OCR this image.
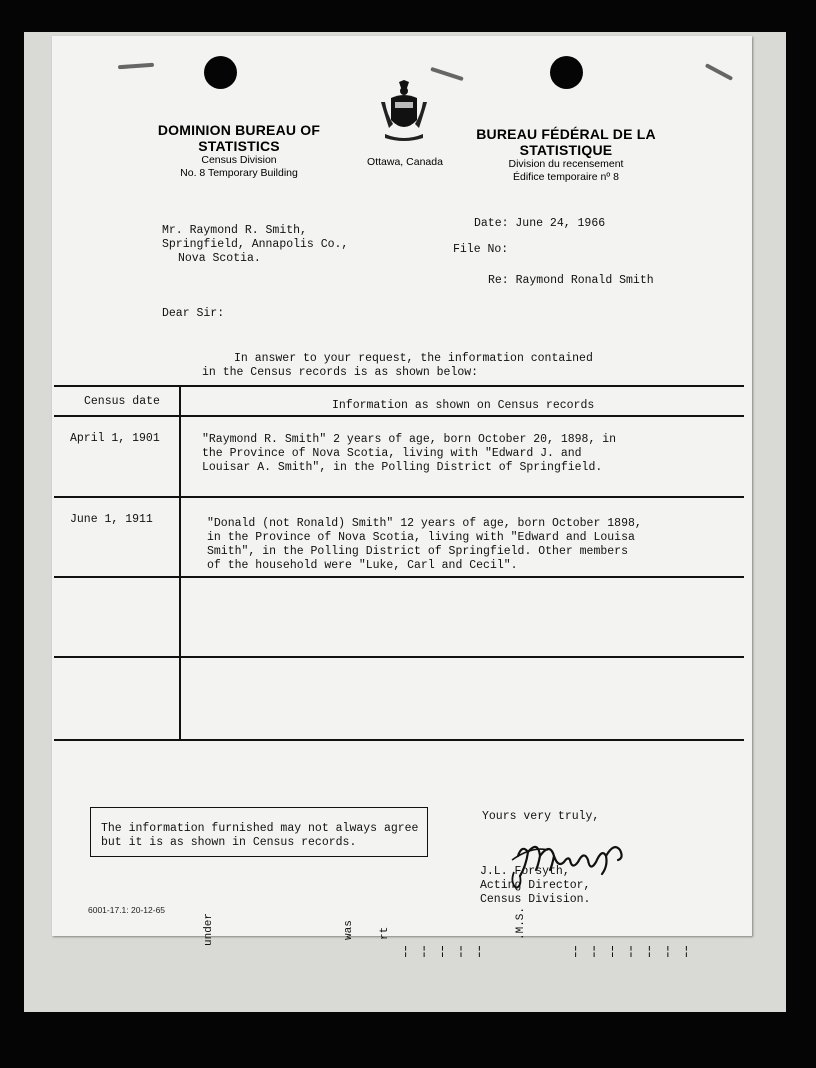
DOMINION BUREAU OF STATISTICS
Census Division
No. 8 Temporary Building
Ottawa, Canada
BUREAU FÉDÉRAL DE LA STATISTIQUE
Division du recensement
Édifice temporaire nº 8
Mr. Raymond R. Smith,
Springfield, Annapolis Co.,
Nova Scotia.
Date: June 24, 1966
File No:
Re: Raymond Ronald Smith
Dear Sir:
In answer to your request, the information contained
in the Census records is as shown below:
Census date	Information as shown on Census records
April 1, 1901	"Raymond R. Smith" 2 years of age, born October 20, 1898, in
the Province of Nova Scotia, living with "Edward J. and
Louisar A. Smith", in the Polling District of Springfield.
June 1, 1911	"Donald (not Ronald) Smith" 12 years of age, born October 1898,
in the Province of Nova Scotia, living with "Edward and Louisa
Smith", in the Polling District of Springfield. Other members
of the household were "Luke, Carl and Cecil".
The information furnished may not always agree
but it is as shown in Census records.
Yours very truly,
J.L. Forsyth,
Acting Director,
Census Division.
6001-17.1: 20-12-65
under	was rt	.M.S.
¦ ¦ ¦ ¦ ¦	¦ ¦ ¦ ¦ ¦ ¦ ¦
